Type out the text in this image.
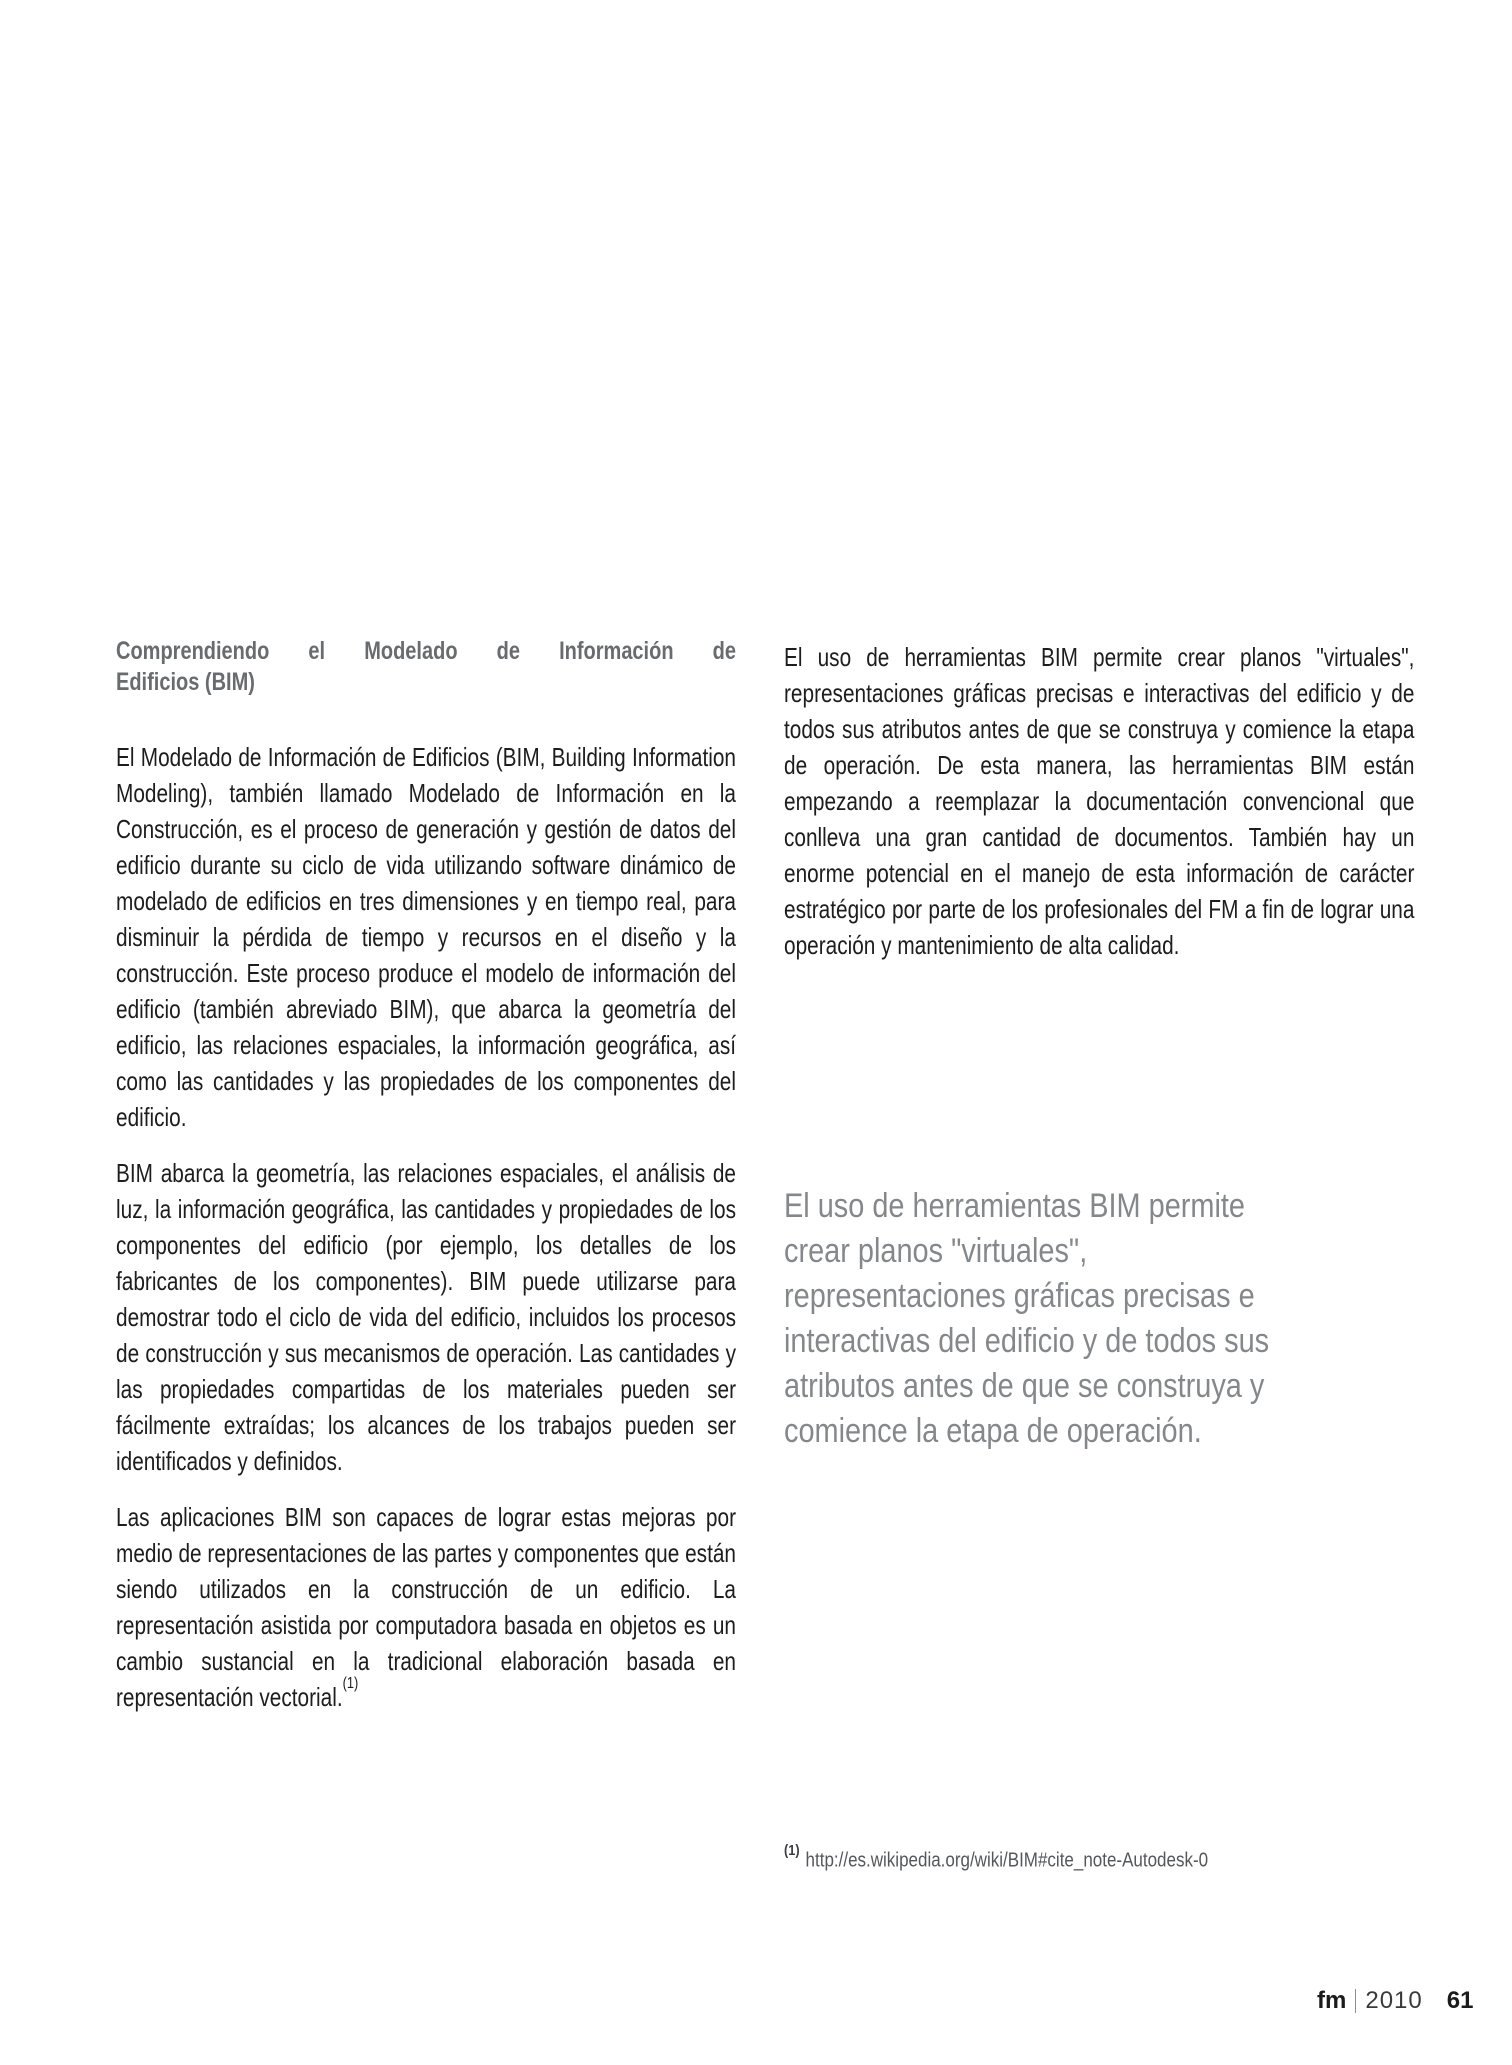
Comprendiendo el Modelado de Información de
Edificios (BIM)

El Modelado de Información de Edificios (BIM, Building Information Modeling), también llamado Modelado de Información en la Construcción, es el proceso de generación y gestión de datos del edificio durante su ciclo de vida utilizando software dinámico de modelado de edificios en tres dimensiones y en tiempo real, para disminuir la pérdida de tiempo y recursos en el diseño y la construcción. Este proceso produce el modelo de información del edificio (también abreviado BIM), que abarca la geometría del edificio, las relaciones espaciales, la información geográfica, así como las cantidades y las propiedades de los componentes del edificio.

BIM abarca la geometría, las relaciones espaciales, el análisis de luz, la información geográfica, las cantidades y propiedades de los componentes del edificio (por ejemplo, los detalles de los fabricantes de los componentes). BIM puede utilizarse para demostrar todo el ciclo de vida del edificio, incluidos los procesos de construcción y sus mecanismos de operación. Las cantidades y las propiedades compartidas de los materiales pueden ser fácilmente extraídas; los alcances de los trabajos pueden ser identificados y definidos.

Las aplicaciones BIM son capaces de lograr estas mejoras por medio de representaciones de las partes y componentes que están siendo utilizados en la construcción de un edificio. La representación asistida por computadora basada en objetos es un cambio sustancial en la tradicional elaboración basada en representación vectorial.$^{(1)}$

El uso de herramientas BIM permite crear planos "virtuales", representaciones gráficas precisas e interactivas del edificio y de todos sus atributos antes de que se construya y comience la etapa de operación. De esta manera, las herramientas BIM están empezando a reemplazar la documentación convencional que conlleva una gran cantidad de documentos. También hay un enorme potencial en el manejo de esta información de carácter estratégico por parte de los profesionales del FM a fin de lograr una operación y mantenimiento de alta calidad.

El uso de herramientas BIM permite
crear planos "virtuales",
representaciones gráficas precisas e
interactivas del edificio y de todos sus
atributos antes de que se construya y
comience la etapa de operación.
$^{(1)}$ http://es.wikipedia.org/wiki/BIM#cite_note-Autodesk-0
fm 2010 61
